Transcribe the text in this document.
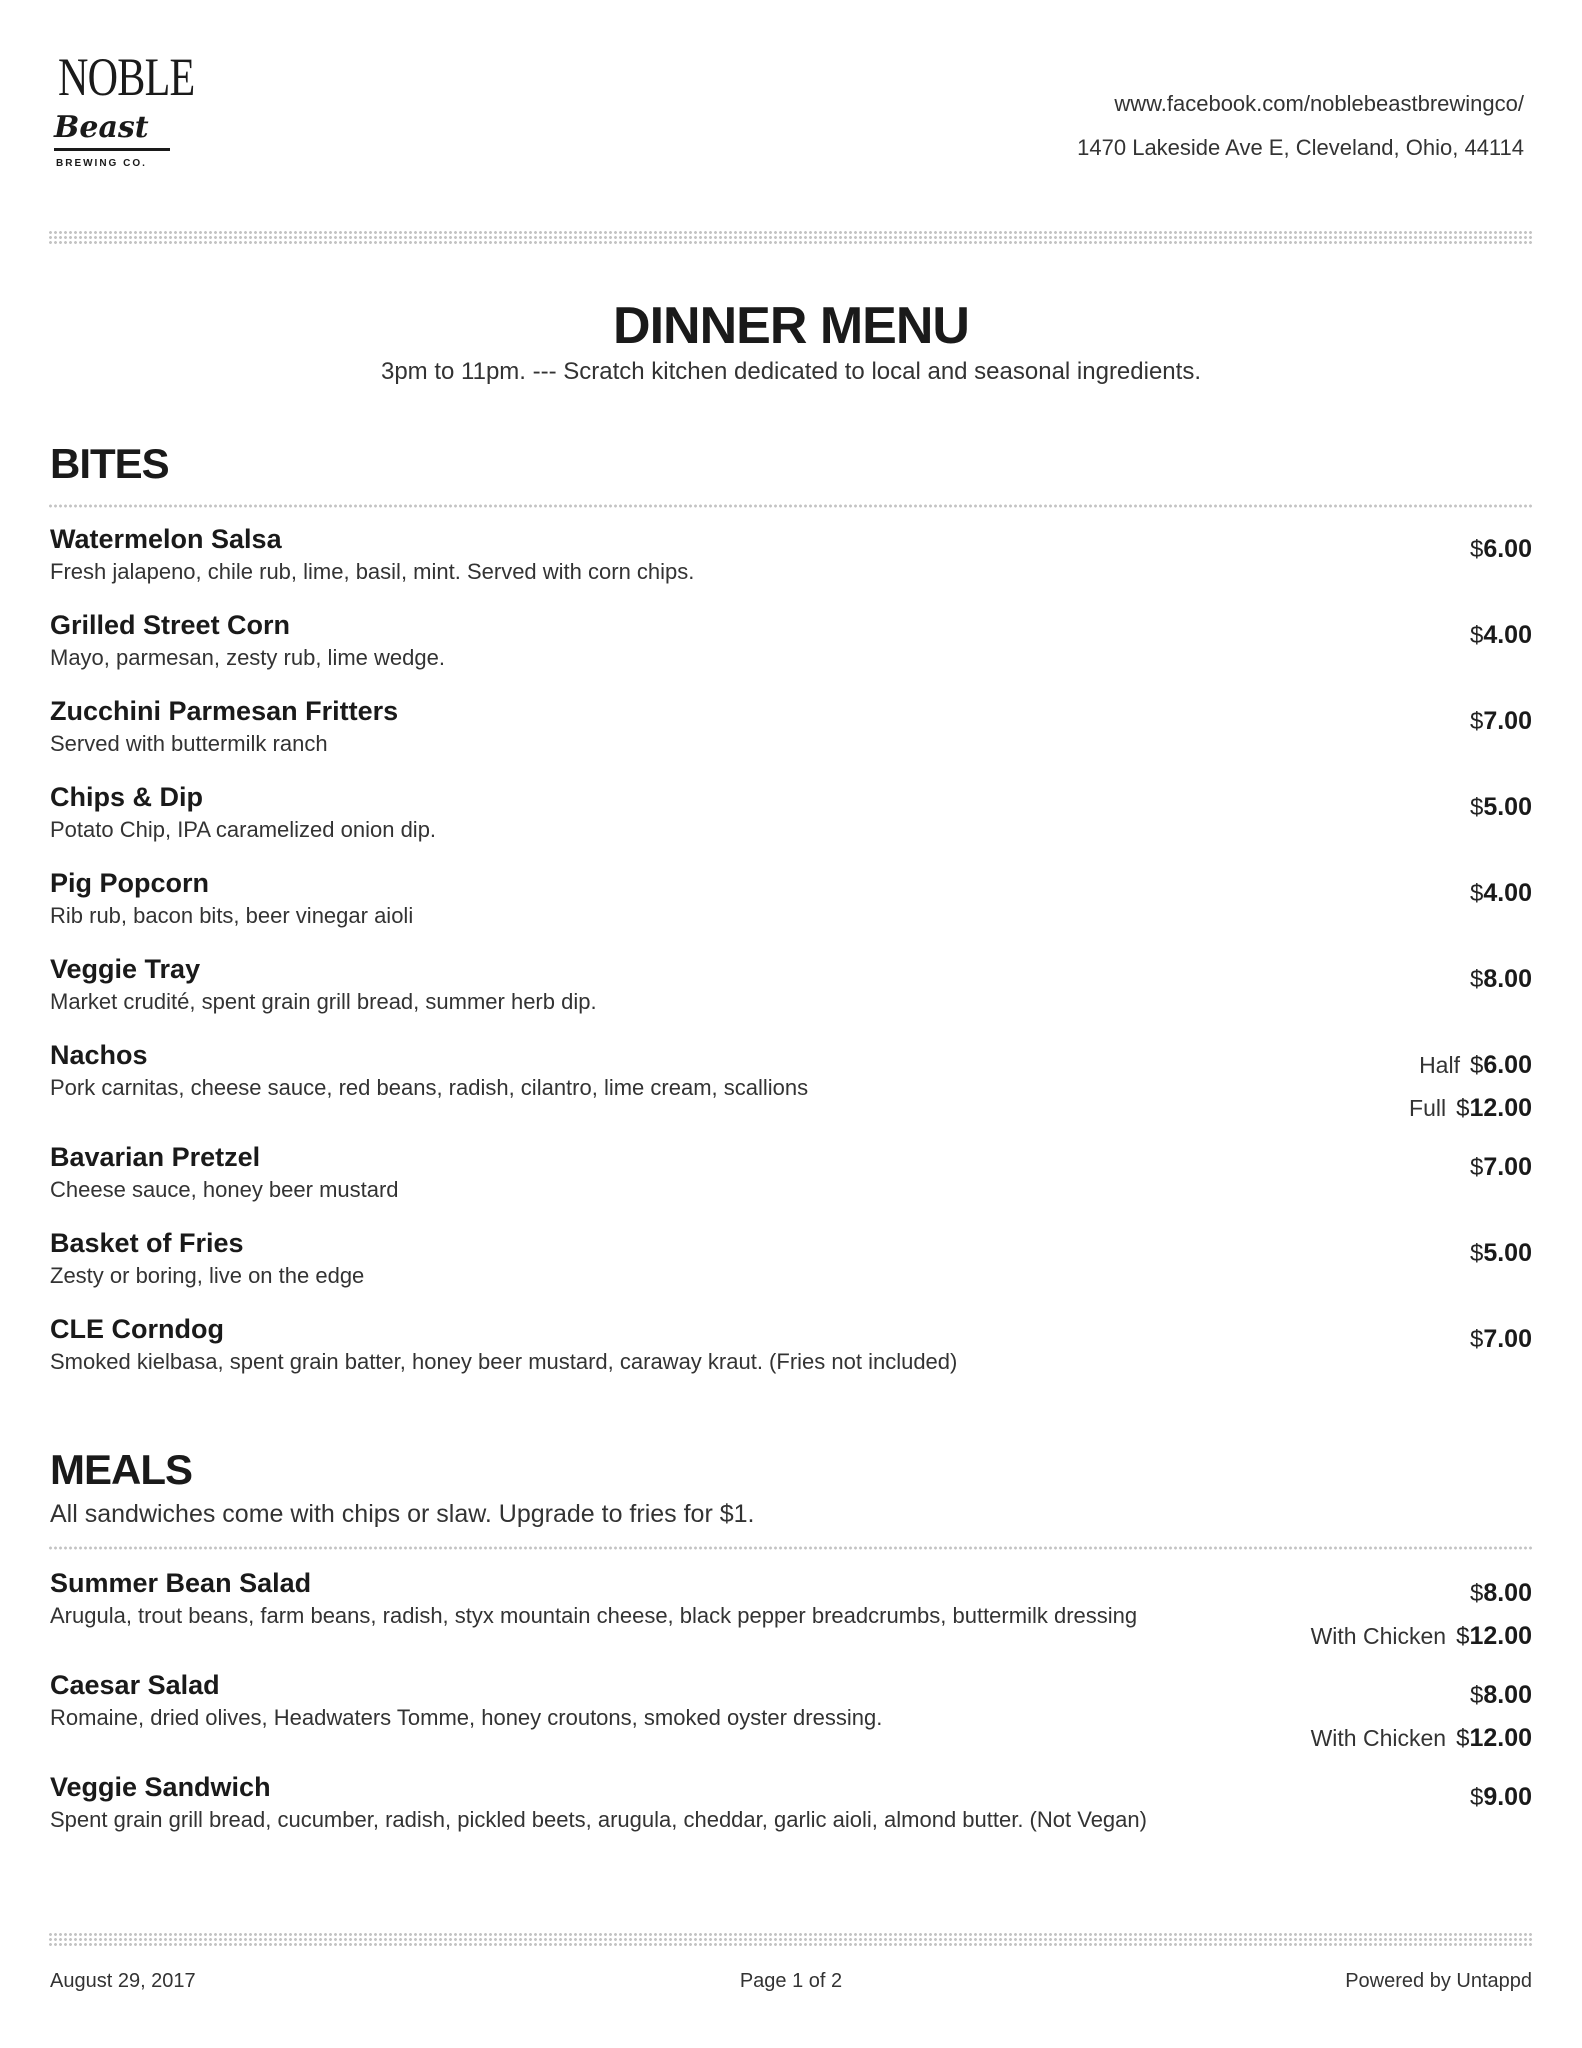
NOBLE
Beast
BREWING CO.
www.facebook.com/noblebeastbrewingco/
1470 Lakeside Ave E, Cleveland, Ohio, 44114
DINNER MENU
3pm to 11pm. --- Scratch kitchen dedicated to local and seasonal ingredients.
BITES
Watermelon Salsa
Fresh jalapeno, chile rub, lime, basil, mint. Served with corn chips.
$6.00
Grilled Street Corn
Mayo, parmesan, zesty rub, lime wedge.
$4.00
Zucchini Parmesan Fritters
Served with buttermilk ranch
$7.00
Chips & Dip
Potato Chip, IPA caramelized onion dip.
$5.00
Pig Popcorn
Rib rub, bacon bits, beer vinegar aioli
$4.00
Veggie Tray
Market crudité, spent grain grill bread, summer herb dip.
$8.00
Nachos
Pork carnitas, cheese sauce, red beans, radish, cilantro, lime cream, scallions
Half $6.00
Full $12.00
Bavarian Pretzel
Cheese sauce, honey beer mustard
$7.00
Basket of Fries
Zesty or boring, live on the edge
$5.00
CLE Corndog
Smoked kielbasa, spent grain batter, honey beer mustard, caraway kraut. (Fries not included)
$7.00
MEALS
All sandwiches come with chips or slaw. Upgrade to fries for $1.
Summer Bean Salad
Arugula, trout beans, farm beans, radish, styx mountain cheese, black pepper breadcrumbs, buttermilk dressing
$8.00
With Chicken $12.00
Caesar Salad
Romaine, dried olives, Headwaters Tomme, honey croutons, smoked oyster dressing.
$8.00
With Chicken $12.00
Veggie Sandwich
Spent grain grill bread, cucumber, radish, pickled beets, arugula, cheddar, garlic aioli, almond butter. (Not Vegan)
$9.00
August 29, 2017	Page 1 of 2	Powered by Untappd
